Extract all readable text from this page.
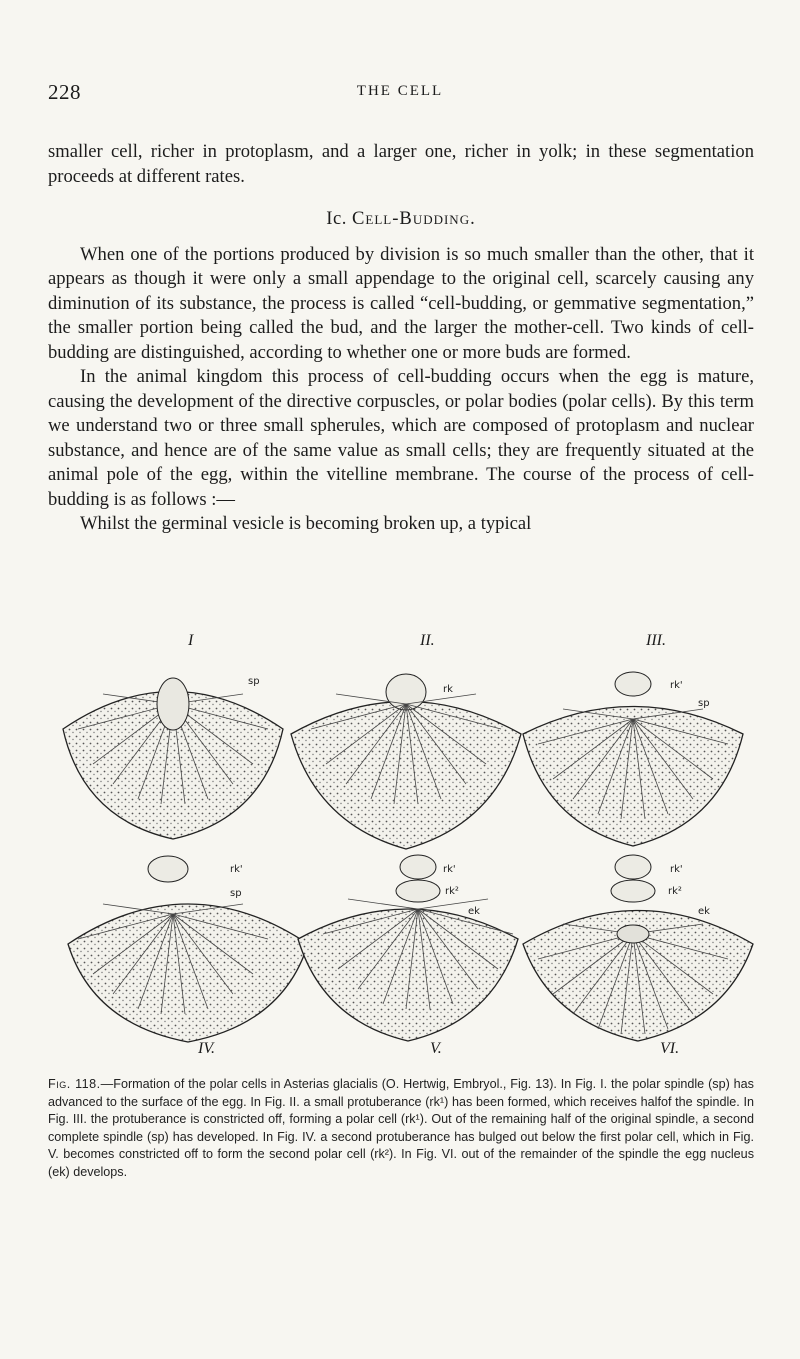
228	THE CELL

smaller cell, richer in protoplasm, and a larger one, richer in yolk; in these segmentation proceeds at different rates.

Ic. Cell-Budding.

When one of the portions produced by division is so much smaller than the other, that it appears as though it were only a small appendage to the original cell, scarcely causing any diminution of its substance, the process is called “cell-budding, or gemmative segmentation,” the smaller portion being called the bud, and the larger the mother-cell. Two kinds of cell-budding are distinguished, according to whether one or more buds are formed.

In the animal kingdom this process of cell-budding occurs when the egg is mature, causing the development of the directive corpuscles, or polar bodies (polar cells). By this term we understand two or three small spherules, which are composed of protoplasm and nuclear substance, and hence are of the same value as small cells; they are frequently situated at the animal pole of the egg, within the vitelline membrane. The course of the process of cell-budding is as follows :—

Whilst the germinal vesicle is becoming broken up, a typical

I	II.	III.
IV.	V.	VI.
sp
rk	rk'
sp
rk'
sp
rk'
rk²
ek
rk'
rk²
ek
Fig. 118.—Formation of the polar cells in Asterias glacialis (O. Hertwig, Embryol., Fig. 13). In Fig. I. the polar spindle (sp) has advanced to the surface of the egg. In Fig. II. a small protuberance (rk¹) has been formed, which receives halfof the spindle. In Fig. III. the protuberance is constricted off, forming a polar cell (rk¹). Out of the remaining half of the original spindle, a second complete spindle (sp) has developed. In Fig. IV. a second protuberance has bulged out below the first polar cell, which in Fig. V. becomes constricted off to form the second polar cell (rk²). In Fig. VI. out of the remainder of the spindle the egg nucleus (ek) develops.
